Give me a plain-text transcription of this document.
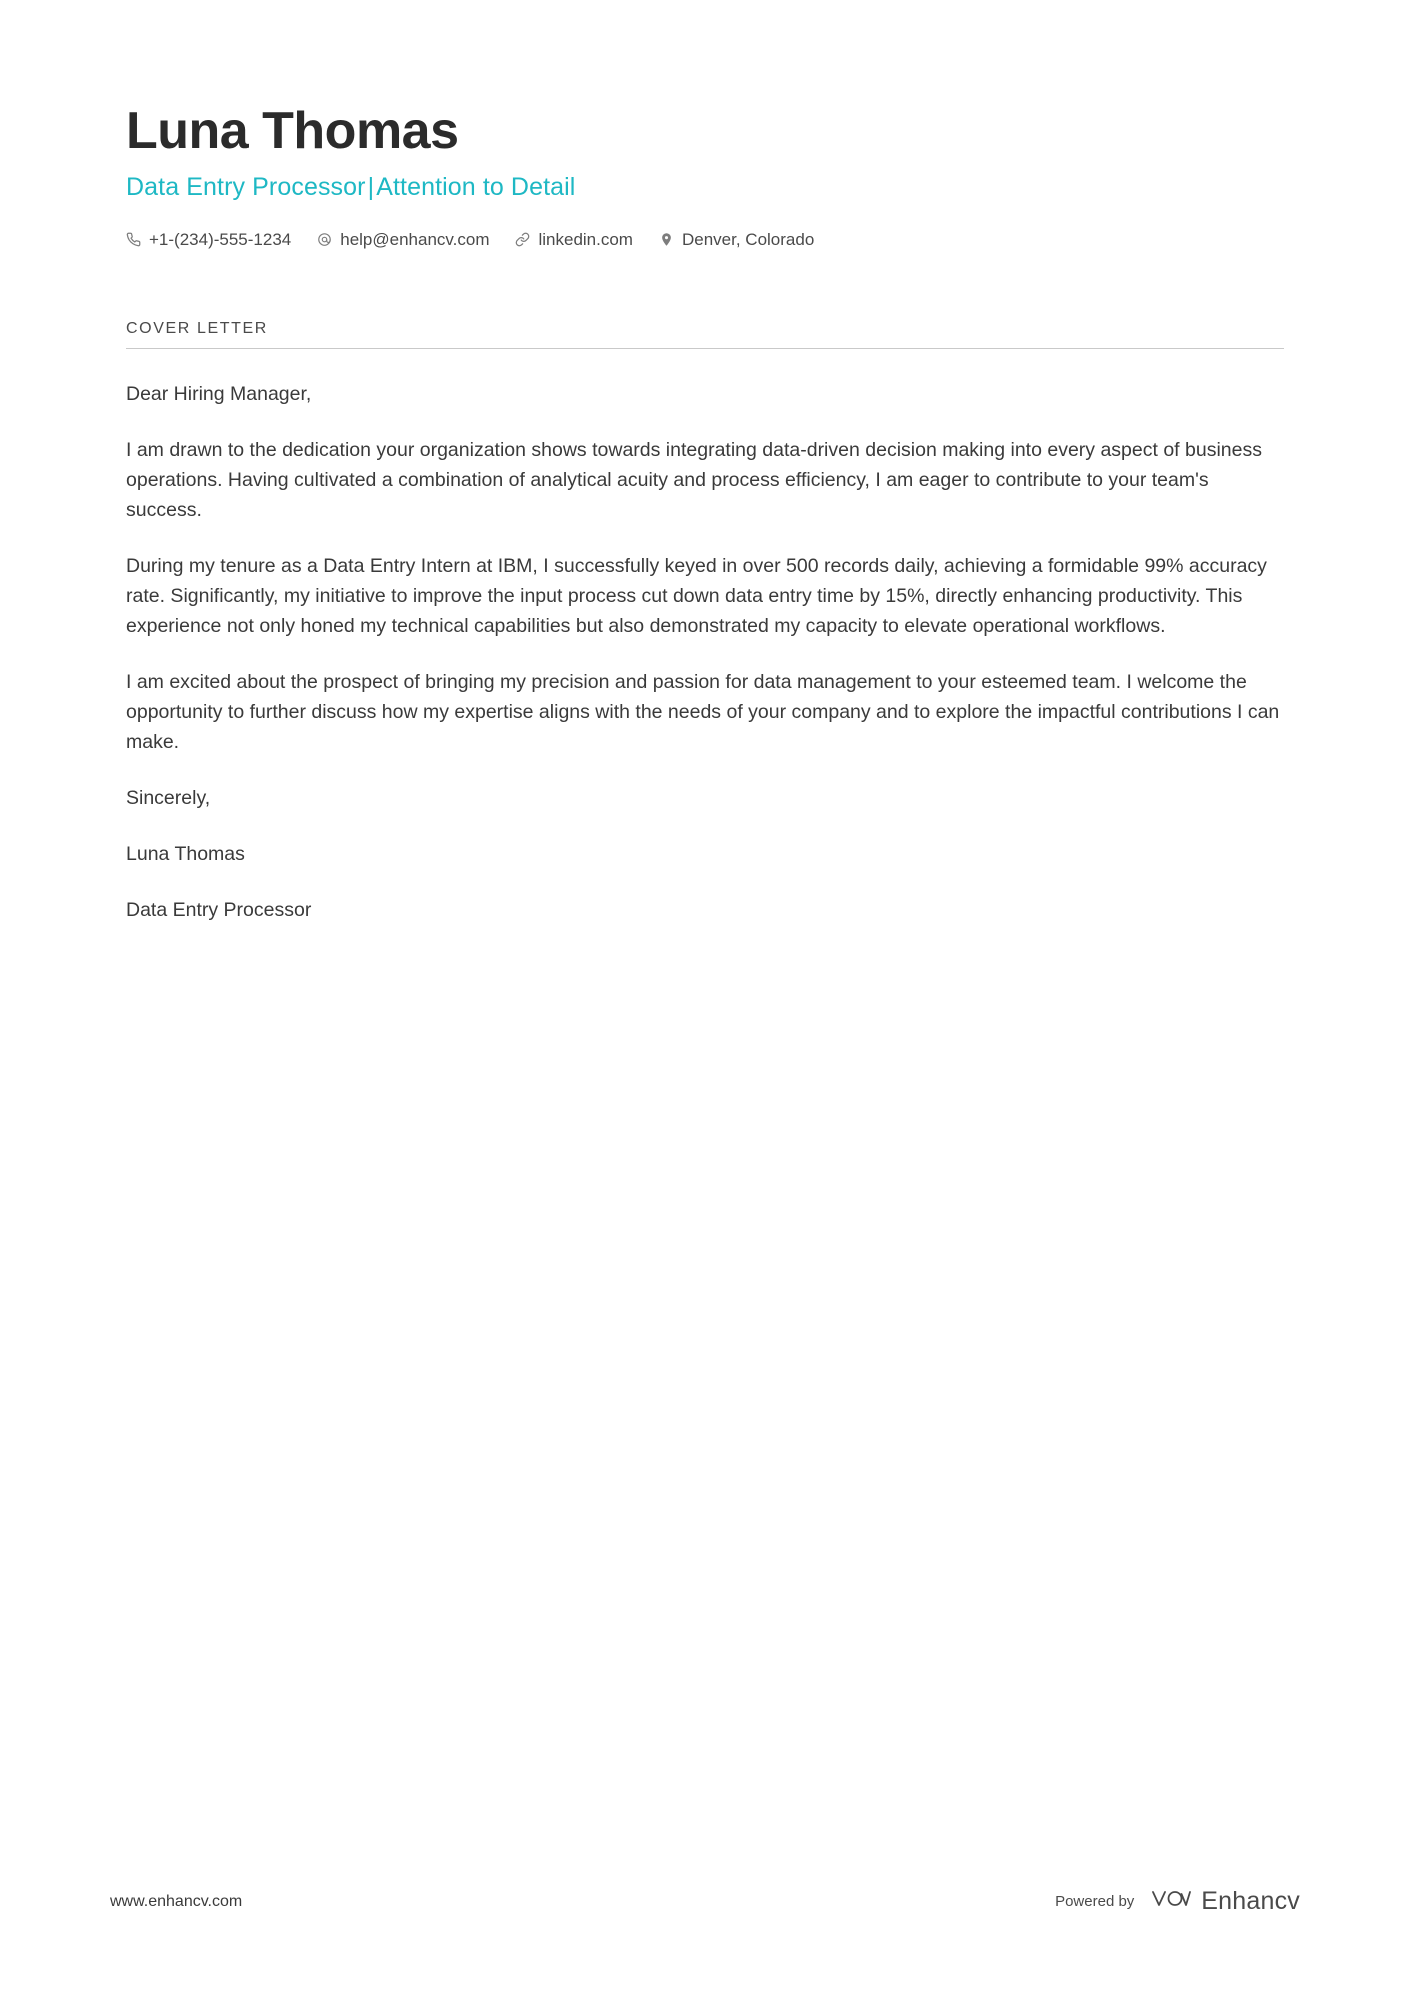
Luna Thomas
Data Entry Processor|Attention to Detail
+1-(234)-555-1234	help@enhancv.com	linkedin.com	Denver, Colorado
COVER LETTER

Dear Hiring Manager,

I am drawn to the dedication your organization shows towards integrating data-driven decision making into every aspect of business operations. Having cultivated a combination of analytical acuity and process efficiency, I am eager to contribute to your team's success.

During my tenure as a Data Entry Intern at IBM, I successfully keyed in over 500 records daily, achieving a formidable 99% accuracy rate. Significantly, my initiative to improve the input process cut down data entry time by 15%, directly enhancing productivity. This experience not only honed my technical capabilities but also demonstrated my capacity to elevate operational workflows.

I am excited about the prospect of bringing my precision and passion for data management to your esteemed team. I welcome the opportunity to further discuss how my expertise aligns with the needs of your company and to explore the impactful contributions I can make.

Sincerely,

Luna Thomas

Data Entry Processor

www.enhancv.com	Powered by	Enhancv
